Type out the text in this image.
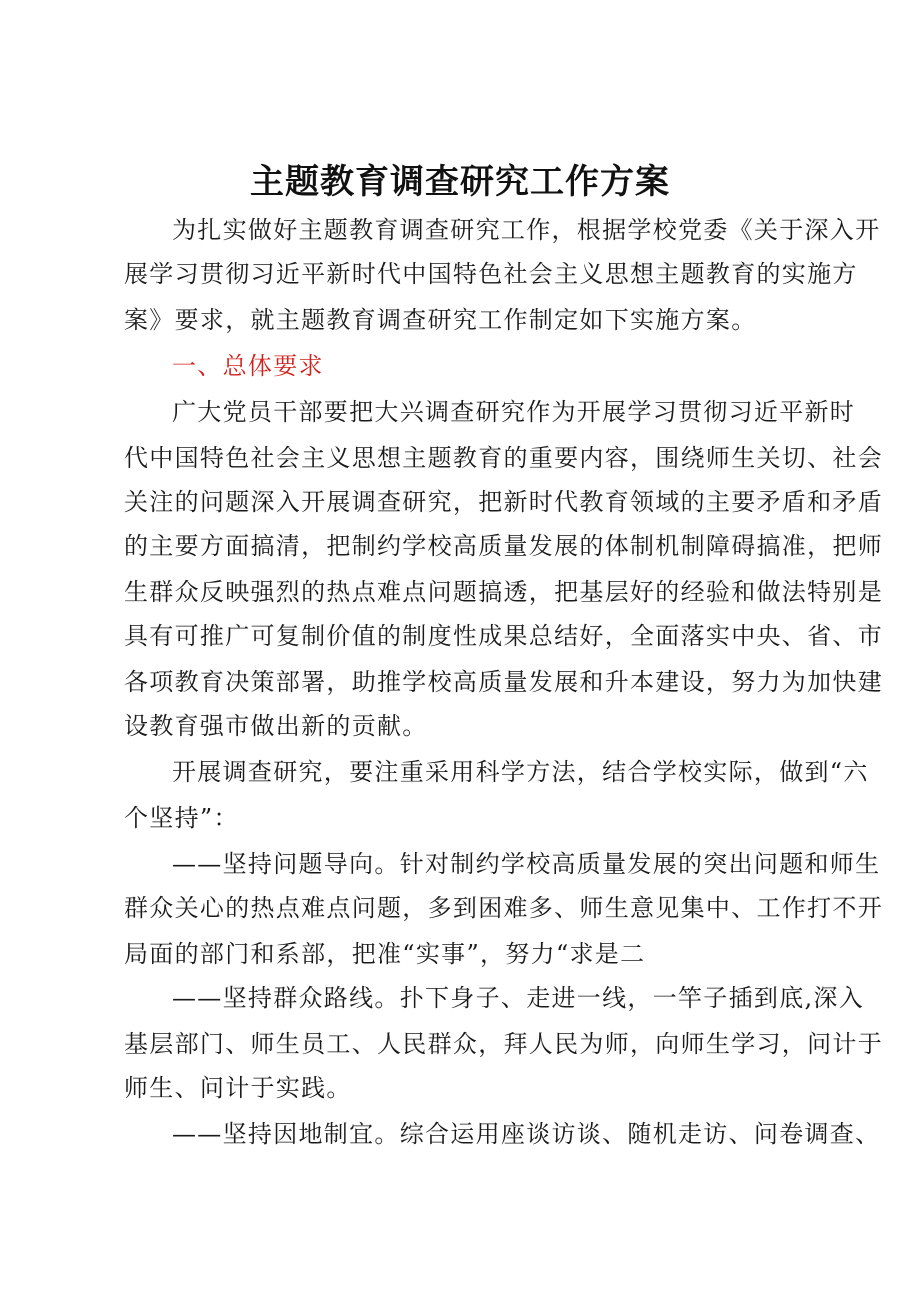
主题教育调查研究工作方案
为扎实做好主题教育调查研究工作，根据学校党委《关于深入开
展学习贯彻习近平新时代中国特色社会主义思想主题教育的实施方
案》要求，就主题教育调查研究工作制定如下实施方案。
一、总体要求
广大党员干部要把大兴调查研究作为开展学习贯彻习近平新时
代中国特色社会主义思想主题教育的重要内容，围绕师生关切、社会
关注的问题深入开展调查研究，把新时代教育领域的主要矛盾和矛盾
的主要方面搞清，把制约学校高质量发展的体制机制障碍搞准，把师
生群众反映强烈的热点难点问题搞透，把基层好的经验和做法特别是
具有可推广可复制价值的制度性成果总结好，全面落实中央、省、市
各项教育决策部署，助推学校高质量发展和升本建设，努力为加快建
设教育强市做出新的贡献。
开展调查研究，要注重采用科学方法，结合学校实际，做到“六
个坚持”：
——坚持问题导向。针对制约学校高质量发展的突出问题和师生
群众关心的热点难点问题，多到困难多、师生意见集中、工作打不开
局面的部门和系部，把准“实事”，努力“求是二
——坚持群众路线。扑下身子、走进一线，一竿子插到底,深入
基层部门、师生员工、人民群众，拜人民为师，向师生学习，问计于
师生、问计于实践。
——坚持因地制宜。综合运用座谈访谈、随机走访、问卷调查、
